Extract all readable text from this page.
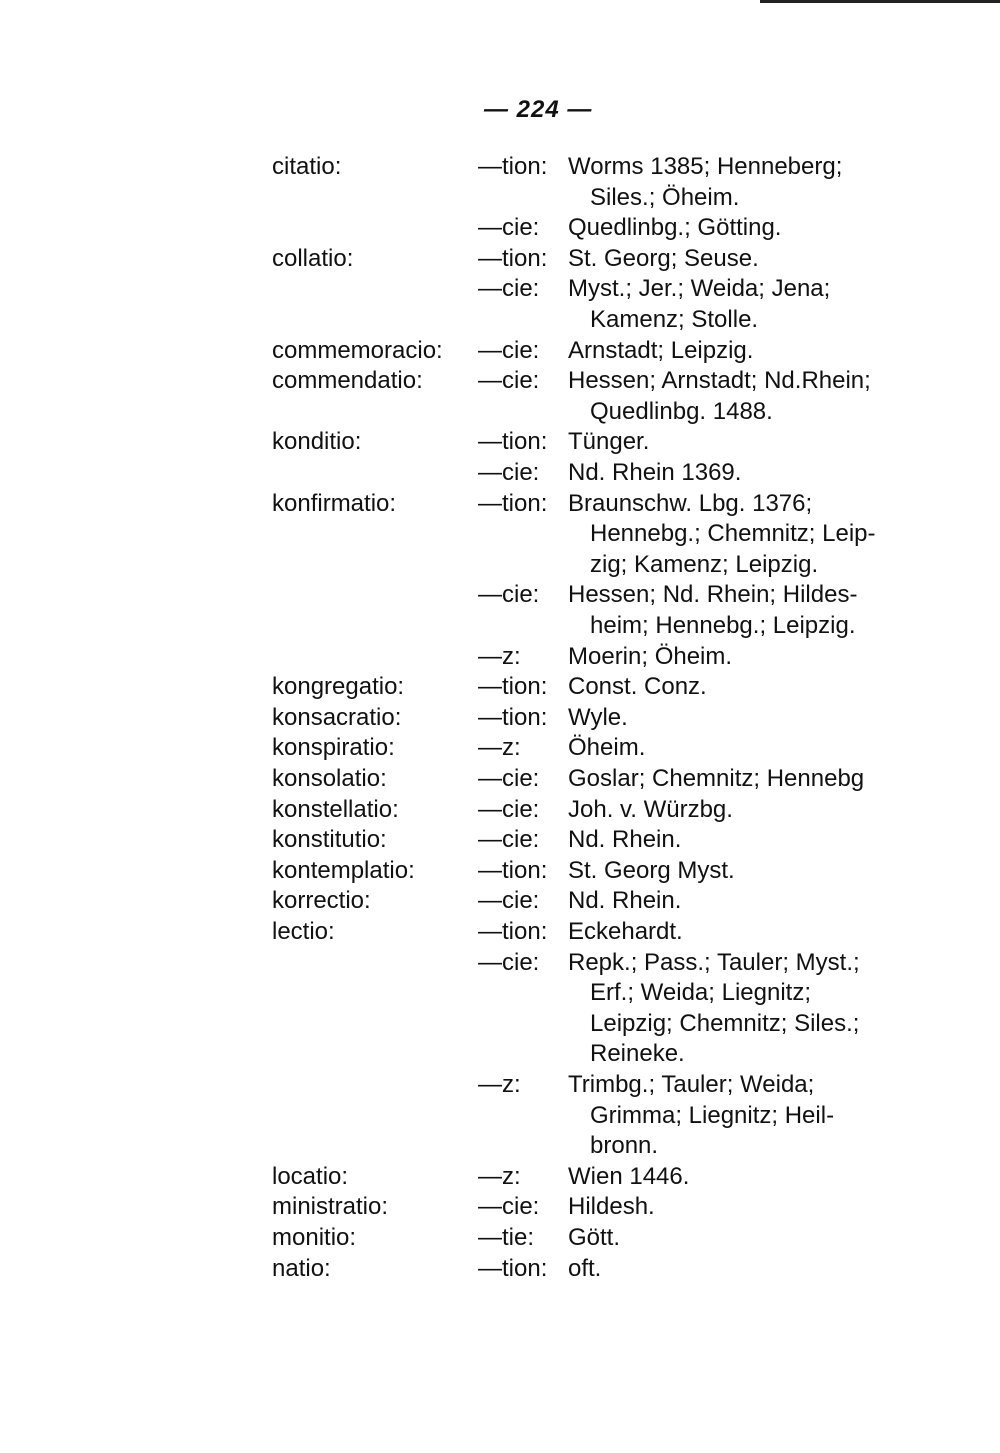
— 224 —
citatio:	—tion: Worms 1385; Henneberg;
Siles.; Öheim.
—cie: Quedlinbg.; Götting.
collatio:	—tion: St. Georg; Seuse.
—cie: Myst.; Jer.; Weida; Jena;
Kamenz; Stolle.
commemoracio: —cie: Arnstadt; Leipzig.
commendatio: —cie: Hessen; Arnstadt; Nd.Rhein;
Quedlinbg. 1488.
konditio:	—tion: Tünger.
—cie: Nd. Rhein 1369.
konfirmatio:	—tion: Braunschw. Lbg. 1376;
Hennebg.; Chemnitz; Leip-
zig; Kamenz; Leipzig.
—cie: Hessen; Nd. Rhein; Hildes-
heim; Hennebg.; Leipzig.
—z: Moerin; Öheim.
kongregatio:	—tion: Const. Conz.
konsacratio:	—tion: Wyle.
konspiratio:	—z: Öheim.
konsolatio:	—cie: Goslar; Chemnitz; Hennebg
konstellatio:	—cie: Joh. v. Würzbg.
konstitutio:	—cie: Nd. Rhein.
kontemplatio:	—tion: St. Georg Myst.
korrectio:	—cie: Nd. Rhein.
lectio:	—tion: Eckehardt.
—cie: Repk.; Pass.; Tauler; Myst.;
Erf.; Weida; Liegnitz;
Leipzig; Chemnitz; Siles.;
Reineke.
—z: Trimbg.; Tauler; Weida;
Grimma; Liegnitz; Heil-
bronn.
locatio:	—z: Wien 1446.
ministratio:	—cie: Hildesh.
monitio:	—tie: Gött.
natio:	—tion: oft.
